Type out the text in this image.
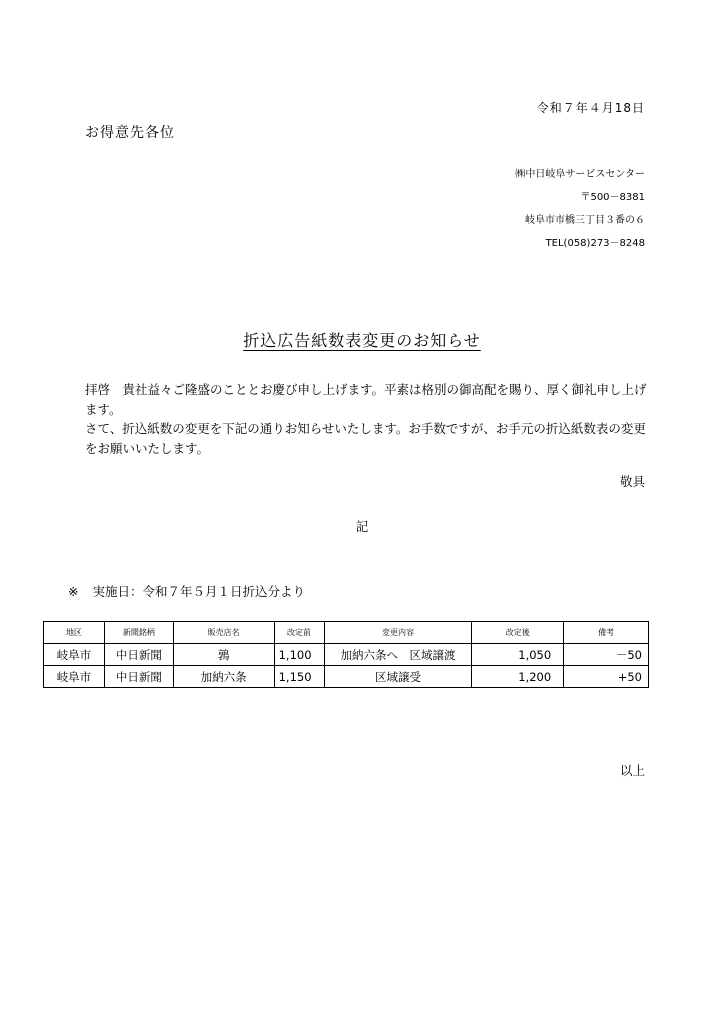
令和７年４月18日
お得意先各位
㈱中日岐阜サービスセンター
〒500－8381
岐阜市市橋三丁目３番の６
TEL(058)273－8248
折込広告紙数表変更のお知らせ

拝啓　貴社益々ご隆盛のこととお慶び申し上げます。平素は格別の御高配を賜り、厚く御礼申し上げます。

さて、折込紙数の変更を下記の通りお知らせいたします。お手数ですが、お手元の折込紙数表の変更をお願いいたします。

敬具
記
※ 実施日：令和７年５月１日折込分より
地区	新聞銘柄	販売店名	改定前	変更内容	改定後	備考
岐阜市	中日新聞	鶉	1,100	加納六条へ　区域譲渡	1,050	－50
岐阜市	中日新聞	加納六条	1,150	区域譲受	1,200	+50
以上
